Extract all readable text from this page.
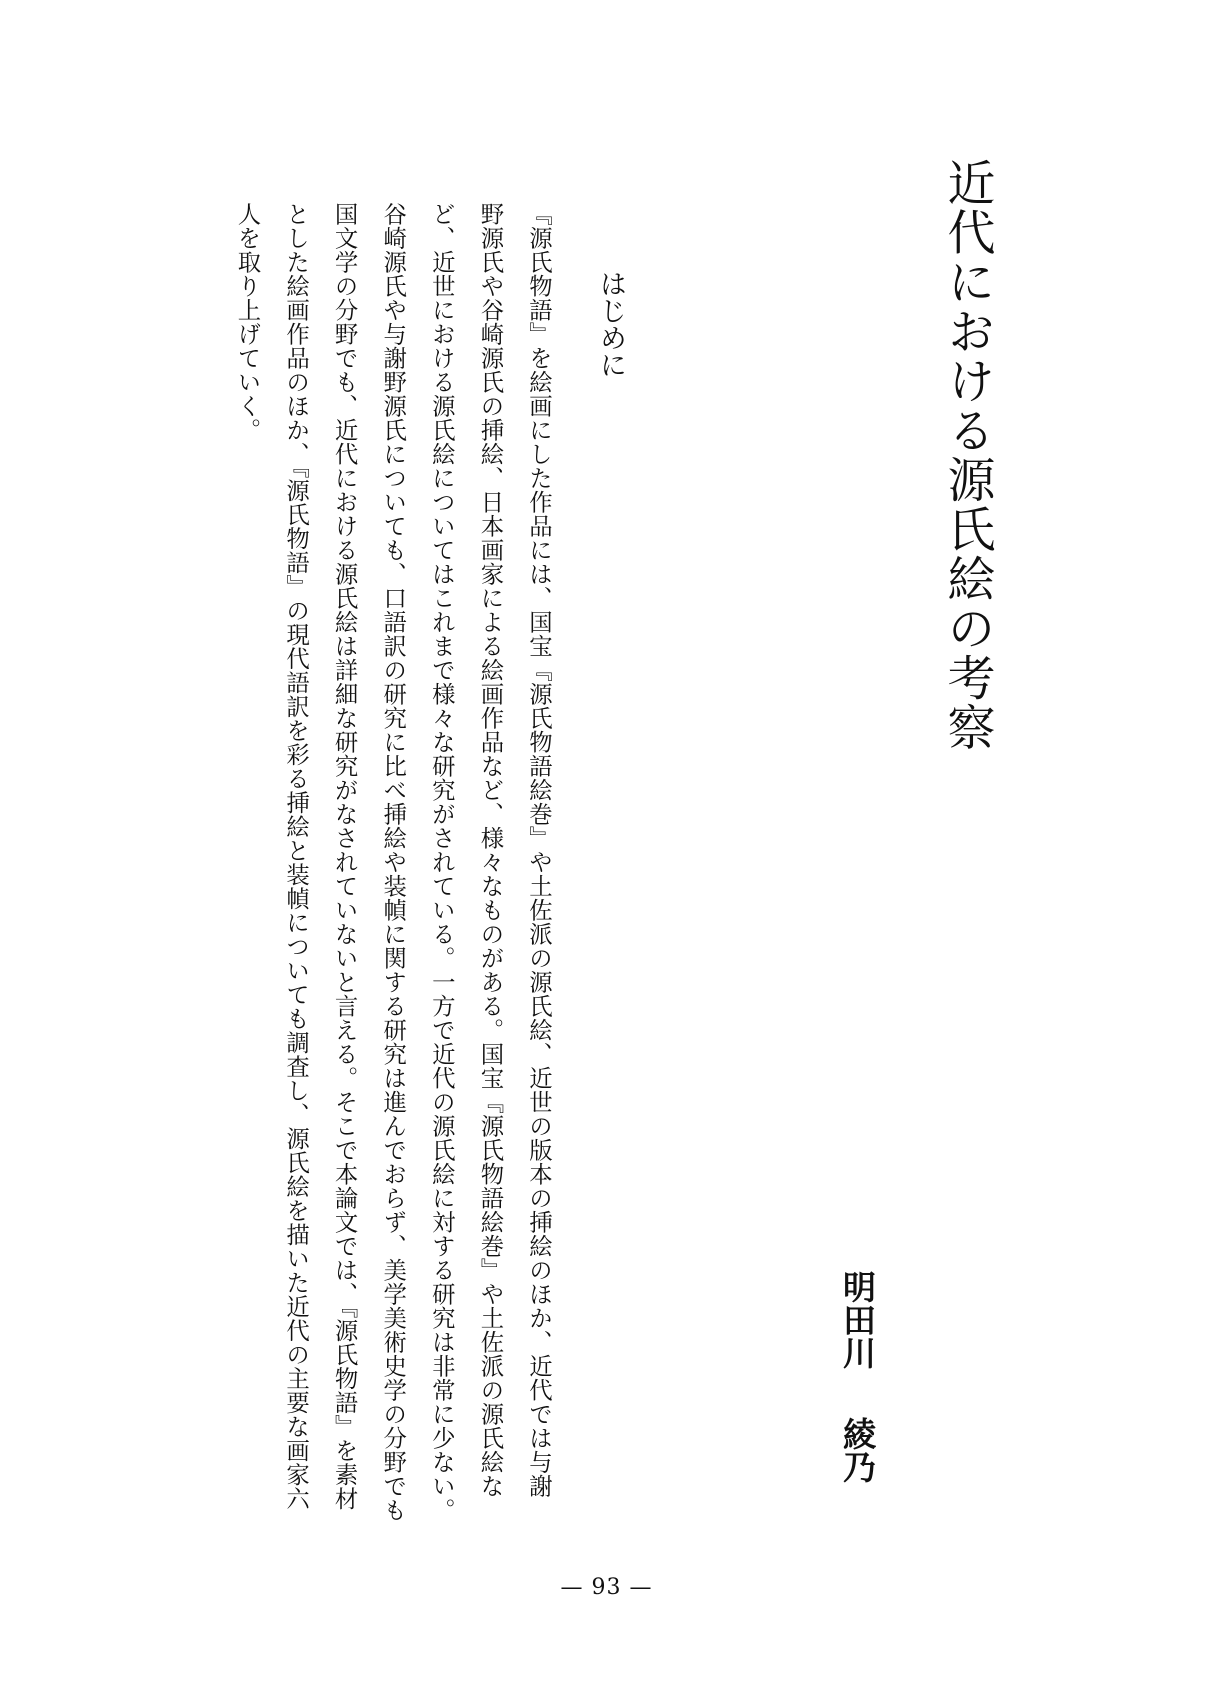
近代における源氏絵の考察
明田川綾乃
はじめに
『源氏物語』を絵画にした作品には、国宝『源氏物語絵巻』や土佐派の源氏絵、近世の版本の挿絵のほか、近代では与謝
野源氏や谷崎源氏の挿絵、日本画家による絵画作品など、様々なものがある。国宝『源氏物語絵巻』や土佐派の源氏絵な
ど、近世における源氏絵についてはこれまで様々な研究がされている。一方で近代の源氏絵に対する研究は非常に少ない。
谷崎源氏や与謝野源氏についても、口語訳の研究に比べ挿絵や装幀に関する研究は進んでおらず、美学美術史学の分野でも
国文学の分野でも、近代における源氏絵は詳細な研究がなされていないと言える。そこで本論文では、『源氏物語』を素材
とした絵画作品のほか、『源氏物語』の現代語訳を彩る挿絵と装幀についても調査し、源氏絵を描いた近代の主要な画家六
人を取り上げていく。
— 93 —
